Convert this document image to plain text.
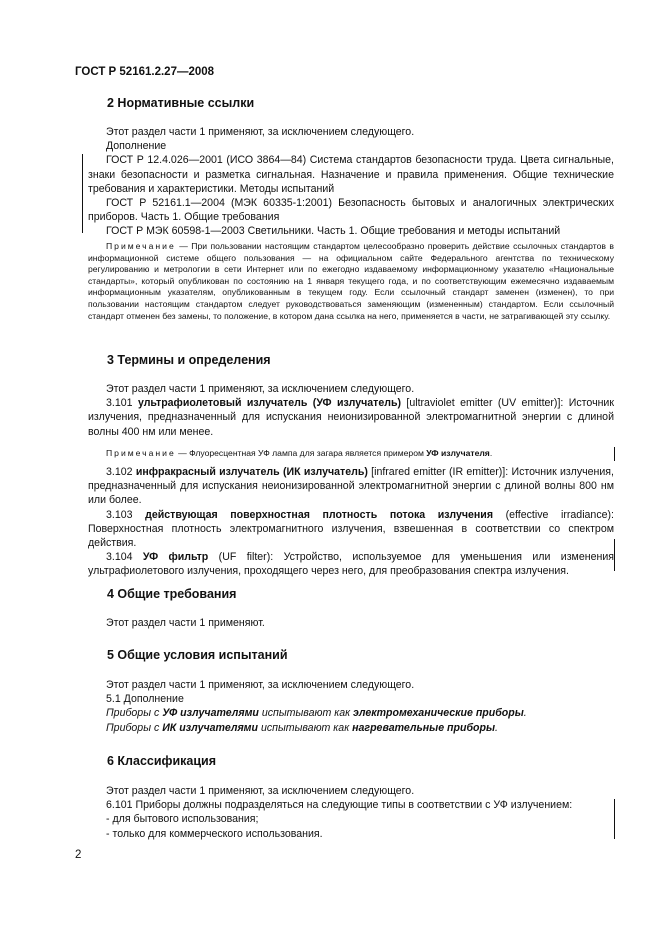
ГОСТ Р 52161.2.27—2008
2 Нормативные ссылки

Этот раздел части 1 применяют, за исключением следующего.

Дополнение

ГОСТ Р 12.4.026—2001 (ИСО 3864—84) Система стандартов безопасности труда. Цвета сигнальные, знаки безопасности и разметка сигнальная. Назначение и правила применения. Общие технические требования и характеристики. Методы испытаний

ГОСТ Р 52161.1—2004 (МЭК 60335-1:2001) Безопасность бытовых и аналогичных электрических приборов. Часть 1. Общие требования

ГОСТ Р МЭК 60598-1—2003 Светильники. Часть 1. Общие требования и методы испытаний

Примечание — При пользовании настоящим стандартом целесообразно проверить действие ссылочных стандартов в информационной системе общего пользования — на официальном сайте Федерального агентства по техническому регулированию и метрологии в сети Интернет или по ежегодно издаваемому информационному указателю «Национальные стандарты», который опубликован по состоянию на 1 января текущего года, и по соответствующим ежемесячно издаваемым информационным указателям, опубликованным в текущем году. Если ссылочный стандарт заменен (изменен), то при пользовании настоящим стандартом следует руководствоваться заменяющим (измененным) стандартом. Если ссылочный стандарт отменен без замены, то положение, в котором дана ссылка на него, применяется в части, не затрагивающей эту ссылку.

3 Термины и определения

Этот раздел части 1 применяют, за исключением следующего.

3.101 ультрафиолетовый излучатель (УФ излучатель) [ultraviolet emitter (UV emitter)]: Источник излучения, предназначенный для испускания неионизированной электромагнитной энергии с длиной волны 400 нм или менее.

Примечание — Флуоресцентная УФ лампа для загара является примером УФ излучателя.

3.102 инфракрасный излучатель (ИК излучатель) [infrared emitter (IR emitter)]: Источник излучения, предназначенный для испускания неионизированной электромагнитной энергии с длиной волны 800 нм или более.

3.103 действующая поверхностная плотность потока излучения (effective irradiance): Поверхностная плотность электромагнитного излучения, взвешенная в соответствии со спектром действия.

3.104 УФ фильтр (UF filter): Устройство, используемое для уменьшения или изменения ультрафиолетового излучения, проходящего через него, для преобразования спектра излучения.

4 Общие требования

Этот раздел части 1 применяют.

5 Общие условия испытаний

Этот раздел части 1 применяют, за исключением следующего.

5.1 Дополнение

Приборы с УФ излучателями испытывают как электромеханические приборы.

Приборы с ИК излучателями испытывают как нагревательные приборы.

6 Классификация

Этот раздел части 1 применяют, за исключением следующего.

6.101 Приборы должны подразделяться на следующие типы в соответствии с УФ излучением:

- для бытового использования;

- только для коммерческого использования.

2
